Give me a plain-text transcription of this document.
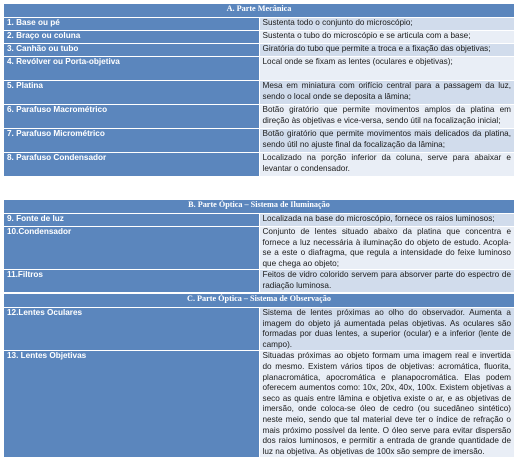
A. Parte Mecânica	
1. Base ou pé	Sustenta todo o conjunto do microscópio;
2. Braço ou coluna	Sustenta o tubo do microscópio e se articula com a base;
3. Canhão ou tubo	Giratória do tubo que permite a troca e a fixação das objetivas;
4. Revólver ou Porta-objetiva	Local onde se fixam as lentes (oculares e objetivas);
5. Platina	Mesa em miniatura com orifício central para a passagem da luz, sendo o local onde se deposita a lâmina;
6. Parafuso Macrométrico	Botão giratório que permite movimentos amplos da platina em direção às objetivas e vice-versa, sendo útil na focalização inicial;
7. Parafuso Micrométrico	Botão giratório que permite movimentos mais delicados da platina, sendo útil no ajuste final da focalização da lâmina;
8. Parafuso Condensador	Localizado na porção inferior da coluna, serve para abaixar e levantar o condensador.
B. Parte Óptica – Sistema de Iluminação	
9. Fonte de luz	Localizada na base do microscópio, fornece os raios luminosos;
10.Condensador	Conjunto de lentes situado abaixo da platina que concentra e fornece a luz necessária à iluminação do objeto de estudo. Acopla-se a este o diafragma, que regula a intensidade do feixe luminoso que chega ao objeto;
11.Filtros	Feitos de vidro colorido servem para absorver parte do espectro de radiação luminosa.
C. Parte Óptica – Sistema de Observação	
12.Lentes Oculares	Sistema de lentes próximas ao olho do observador. Aumenta a imagem do objeto já aumentada pelas objetivas. As oculares são formadas por duas lentes, a superior (ocular) e a inferior (lente de campo).
13. Lentes Objetivas	Situadas próximas ao objeto formam uma imagem real e invertida do mesmo. Existem vários tipos de objetivas: acromática, fluorita, planacromática, apocromática e planapocromática. Elas podem oferecem aumentos como: 10x, 20x, 40x, 100x. Existem objetivas a seco as quais entre lâmina e objetiva existe o ar, e as objetivas de imersão, onde coloca-se óleo de cedro (ou sucedâneo sintético) neste meio, sendo que tal material deve ter o índice de refração o mais próximo possível da lente. O óleo serve para evitar dispersão dos raios luminosos, e permitir a entrada de grande quantidade de luz na objetiva. As objetivas de 100x são sempre de imersão.
